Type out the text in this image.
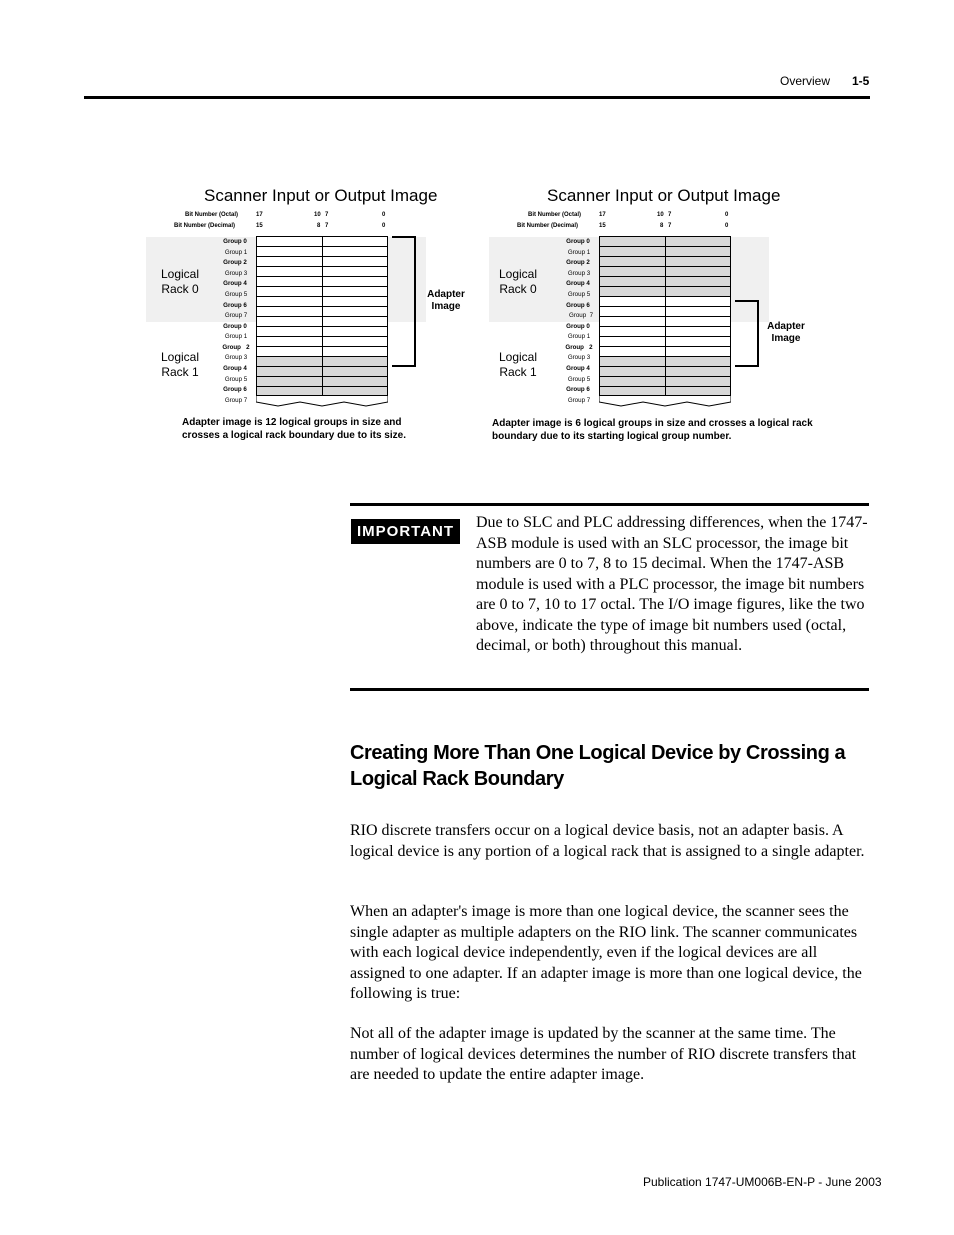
Overview 1-5
Scanner Input or Output Image
Bit Number (Octal)
Bit Number (Decimal)
17	10 7	0
15	8 7	0
Logical
Rack 0
Logical
Rack 1
Group 0
Group 1
Group 2
Group 3
Group 4
Group 5
Group 6
Group 7
Group 0
Group 1
Group   2
Group 3
Group 4
Group 5
Group 6
Group 7
Adapter
Image
Adapter image is 12 logical groups in size and crosses a logical rack boundary due to its size.
Scanner Input or Output Image
Bit Number (Octal)
Bit Number (Decimal)
17	10 7	0
15	8 7	0
Logical
Rack 0
Logical
Rack 1
Group 0
Group 1
Group 2
Group 3
Group 4
Group 5
Group 6
Group  7
Group 0
Group 1
Group   2
Group 3
Group 4
Group 5
Group 6
Group 7
Adapter
Image
Adapter image is 6 logical groups in size and crosses a logical rack boundary due to its starting logical group number.
IMPORTANT
Due to SLC and PLC addressing differences, when the 1747-ASB module is used with an SLC processor, the image bit numbers are 0 to 7, 8 to 15 decimal. When the 1747-ASB module is used with a PLC processor, the image bit numbers are 0 to 7, 10 to 17 octal. The I/O image figures, like the two above, indicate the type of image bit numbers used (octal, decimal, or both) throughout this manual.
Creating More Than One Logical Device by Crossing a Logical Rack Boundary
RIO discrete transfers occur on a logical device basis, not an adapter basis. A logical device is any portion of a logical rack that is assigned to a single adapter.
When an adapter's image is more than one logical device, the scanner sees the single adapter as multiple adapters on the RIO link. The scanner communicates with each logical device independently, even if the logical devices are all assigned to one adapter. If an adapter image is more than one logical device, the following is true:
Not all of the adapter image is updated by the scanner at the same time. The number of logical devices determines the number of RIO discrete transfers that are needed to update the entire adapter image.
Publication 1747-UM006B-EN-P - June 2003
